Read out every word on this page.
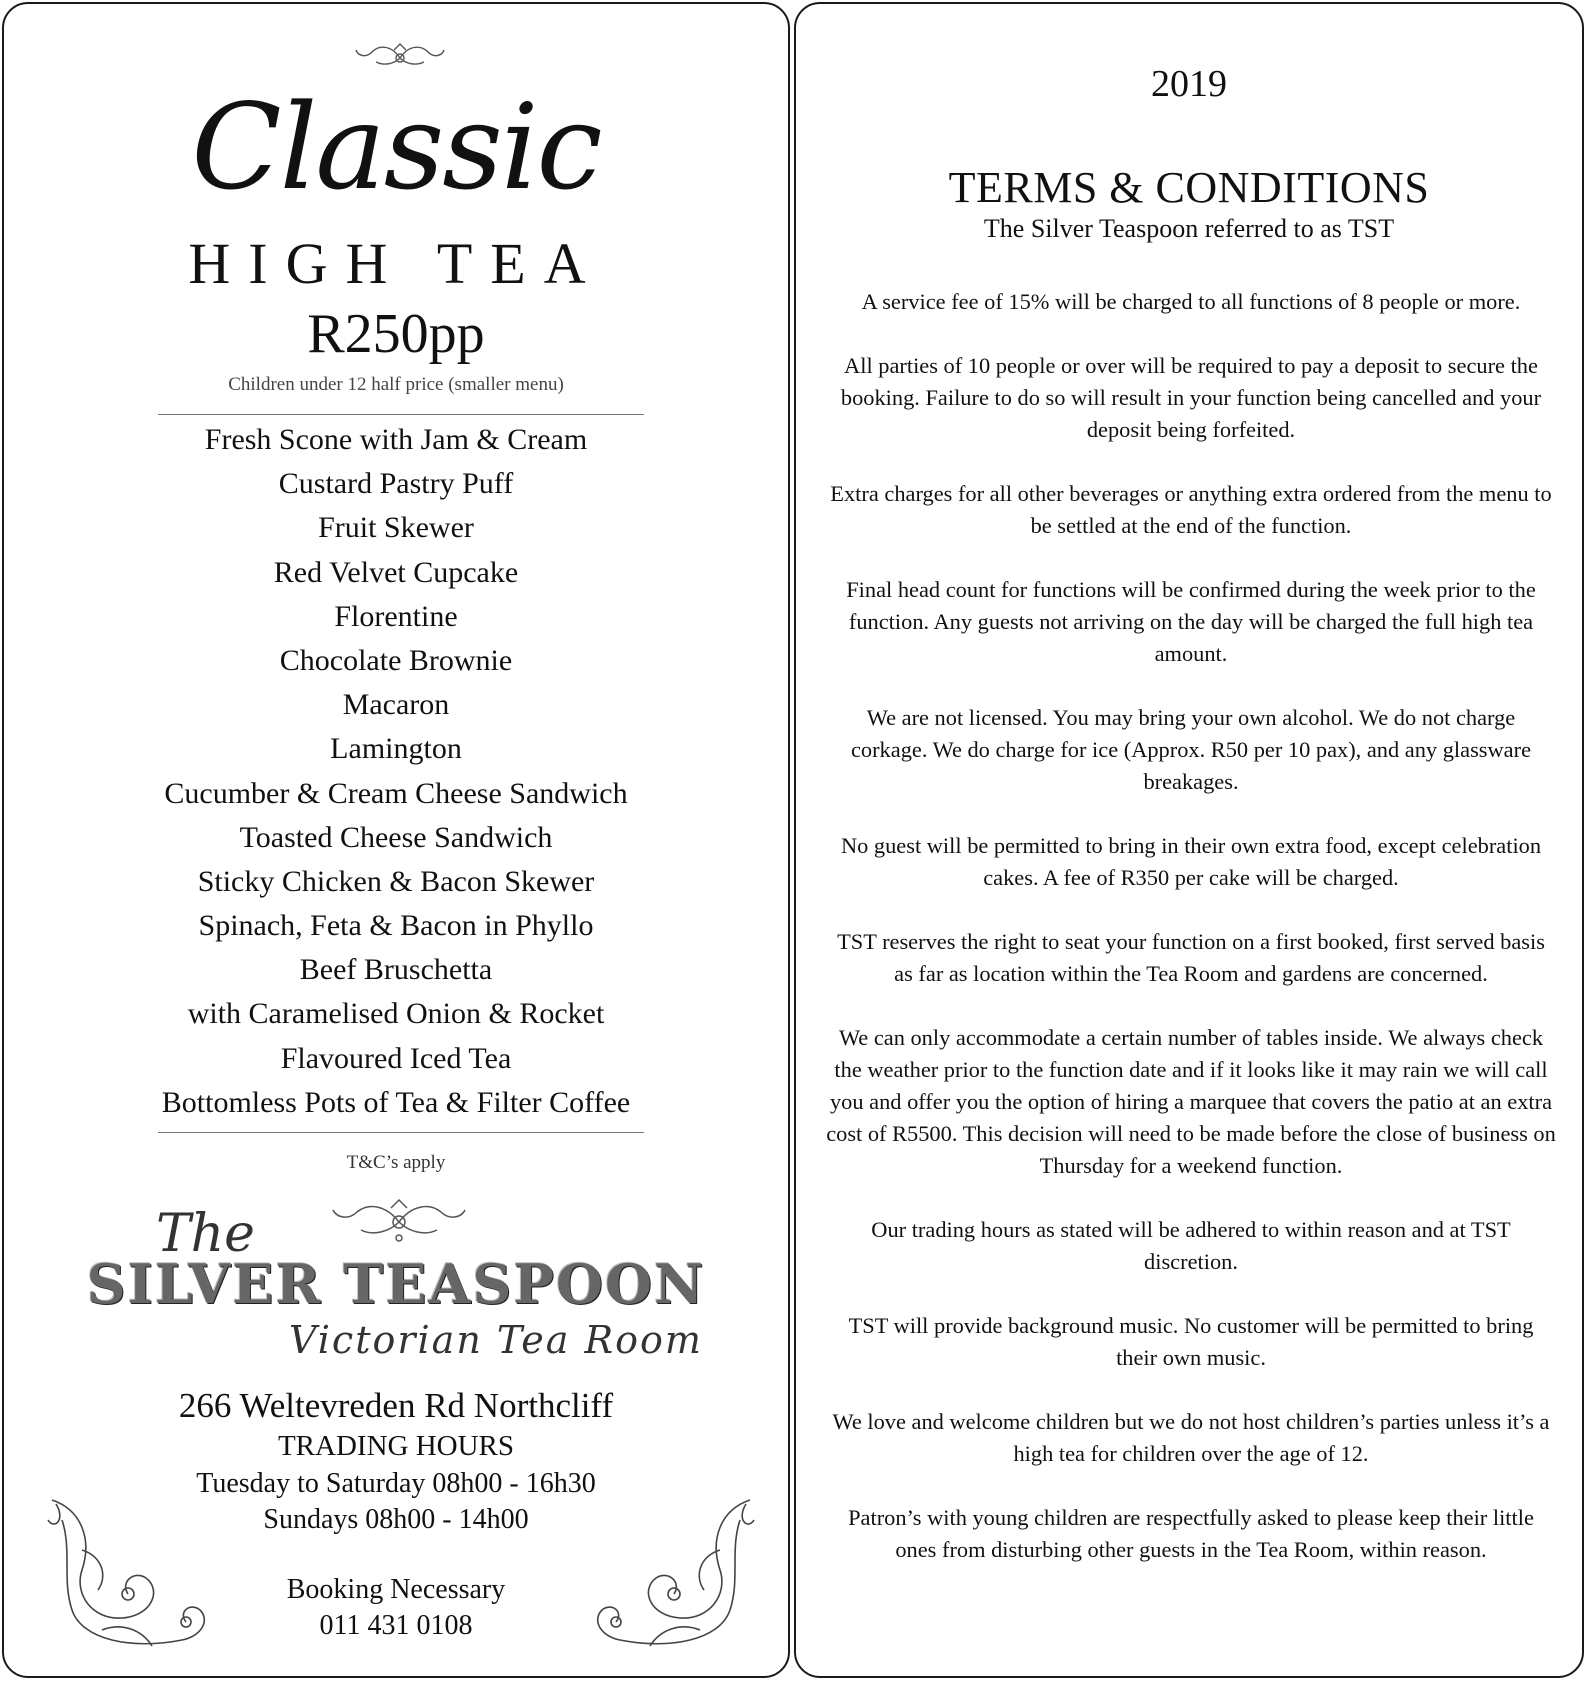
Classic
HIGH TEA
R250pp
Children under 12 half price (smaller menu)
Fresh Scone with Jam & Cream
Custard Pastry Puff
Fruit Skewer
Red Velvet Cupcake
Florentine
Chocolate Brownie
Macaron
Lamington
Cucumber & Cream Cheese Sandwich
Toasted Cheese Sandwich
Sticky Chicken & Bacon Skewer
Spinach, Feta & Bacon in Phyllo
Beef Bruschetta
with Caramelised Onion & Rocket
Flavoured Iced Tea
Bottomless Pots of Tea & Filter Coffee
T&C’s apply
The
SILVER TEASPOON
Victorian Tea Room
266 Weltevreden Rd Northcliff
TRADING HOURS
Tuesday to Saturday 08h00 - 16h30
Sundays 08h00 - 14h00
Booking Necessary
011 431 0108
2019
TERMS & CONDITIONS
The Silver Teaspoon referred to as TST

A service fee of 15% will be charged to all functions of 8 people or more.

All parties of 10 people or over will be required to pay a deposit to secure the booking. Failure to do so will result in your function being cancelled and your deposit being forfeited.

Extra charges for all other beverages or anything extra ordered from the menu to be settled at the end of the function.

Final head count for functions will be confirmed during the week prior to the function. Any guests not arriving on the day will be charged the full high tea amount.

We are not licensed. You may bring your own alcohol. We do not charge corkage. We do charge for ice (Approx. R50 per 10 pax), and any glassware breakages.

No guest will be permitted to bring in their own extra food, except celebration cakes. A fee of R350 per cake will be charged.

TST reserves the right to seat your function on a first booked, first served basis as far as location within the Tea Room and gardens are concerned.

We can only accommodate a certain number of tables inside. We always check the weather prior to the function date and if it looks like it may rain we will call you and offer you the option of hiring a marquee that covers the patio at an extra cost of R5500. This decision will need to be made before the close of business on Thursday for a weekend function.

Our trading hours as stated will be adhered to within reason and at TST discretion.

TST will provide background music. No customer will be permitted to bring their own music.

We love and welcome children but we do not host children’s parties unless it’s a high tea for children over the age of 12.

Patron’s with young children are respectfully asked to please keep their little ones from disturbing other guests in the Tea Room, within reason.
